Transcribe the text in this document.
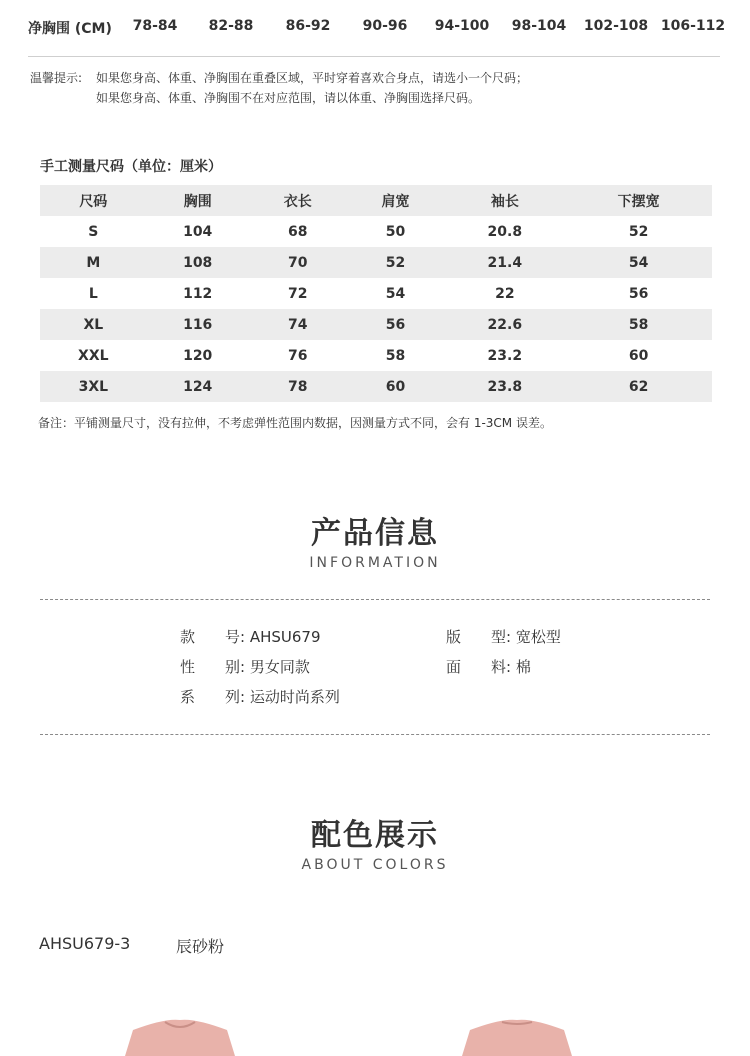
净胸围 (CM)	78-84	82-88	86-92	90-96	94-100	98-104	102-108 106-112
温馨提示: 如果您身高、体重、净胸围在重叠区域，平时穿着喜欢合身点，请选小一个尺码；
如果您身高、体重、净胸围不在对应范围，请以体重、净胸围选择尺码。
手工测量尺码（单位：厘米）
尺码	胸围	衣长	肩宽	袖长	下摆宽
S	104	68	50	20.8	52
M	108	70	52	21.4	54
L	112	72	54	22	56
XL	116	74	56	22.6	58
XXL	120	76	58	23.2	60
3XL	124	78	60	23.8	62
备注：平铺测量尺寸，没有拉伸，不考虑弹性范围内数据，因测量方式不同，会有 1-3CM 误差。
产品信息
INFORMATION
款号: AHSU679	版型: 宽松型
性别: 男女同款	面料: 棉
系列: 运动时尚系列
配色展示
ABOUT COLORS
AHSU679-3	辰砂粉
